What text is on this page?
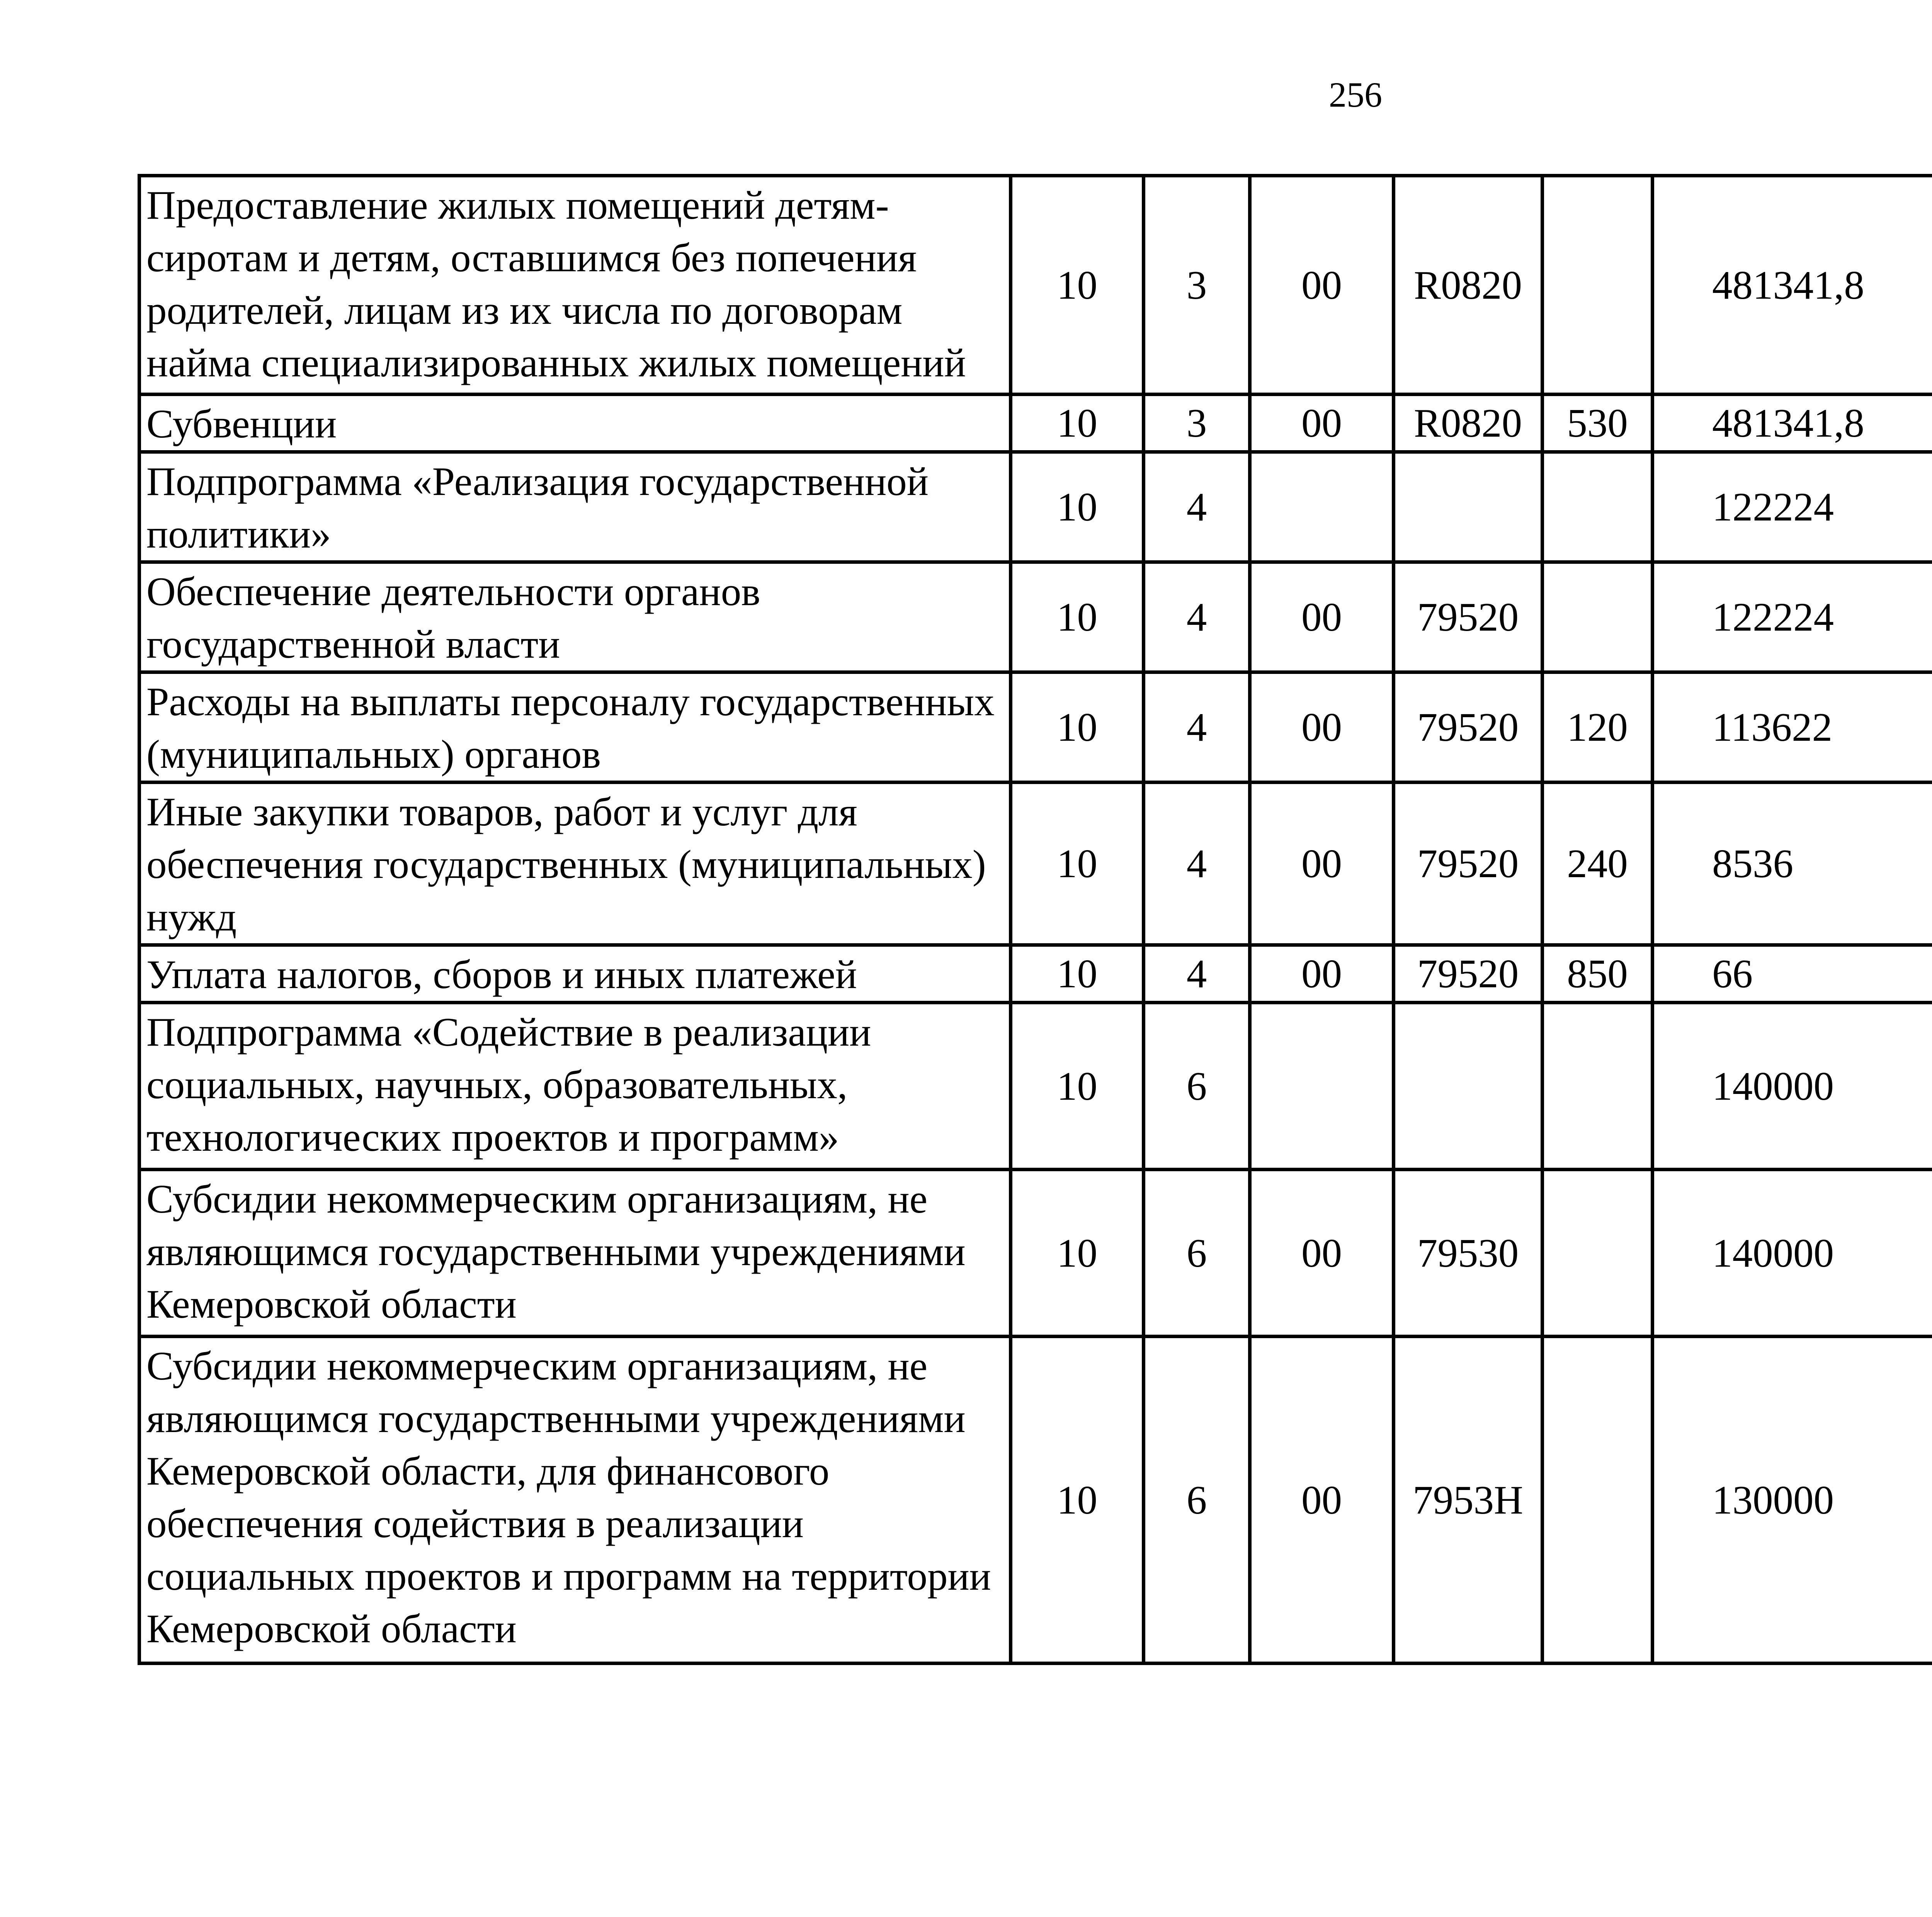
256
Предоставление жилых помещений детям-сиротам и детям, оставшимся без попечения родителей, лицам из их числа по договорам найма специализированных жилых помещений	10	3	00	R0820		481341,8		
Субвенции	10	3	00	R0820	530	481341,8		
Подпрограмма «Реализация государственной политики»	10	4				122224		
Обеспечение деятельности органов государственной власти	10	4	00	79520		122224		
Расходы на выплаты персоналу государственных (муниципальных) органов	10	4	00	79520	120	113622		
Иные закупки товаров, работ и услуг для обеспечения государственных (муниципальных) нужд	10	4	00	79520	240	8536		
Уплата налогов, сборов и иных платежей	10	4	00	79520	850	66		
Подпрограмма «Содействие в реализации социальных, научных, образовательных, технологических проектов и программ»	10	6				140000		
Субсидии некоммерческим организациям, не являющимся государственными учреждениями Кемеровской области	10	6	00	79530		140000		
Субсидии некоммерческим организациям, не являющимся государственными учреждениями Кемеровской области, для финансового обеспечения содействия в реализации социальных проектов и программ на территории Кемеровской области	10	6	00	7953H		130000		
